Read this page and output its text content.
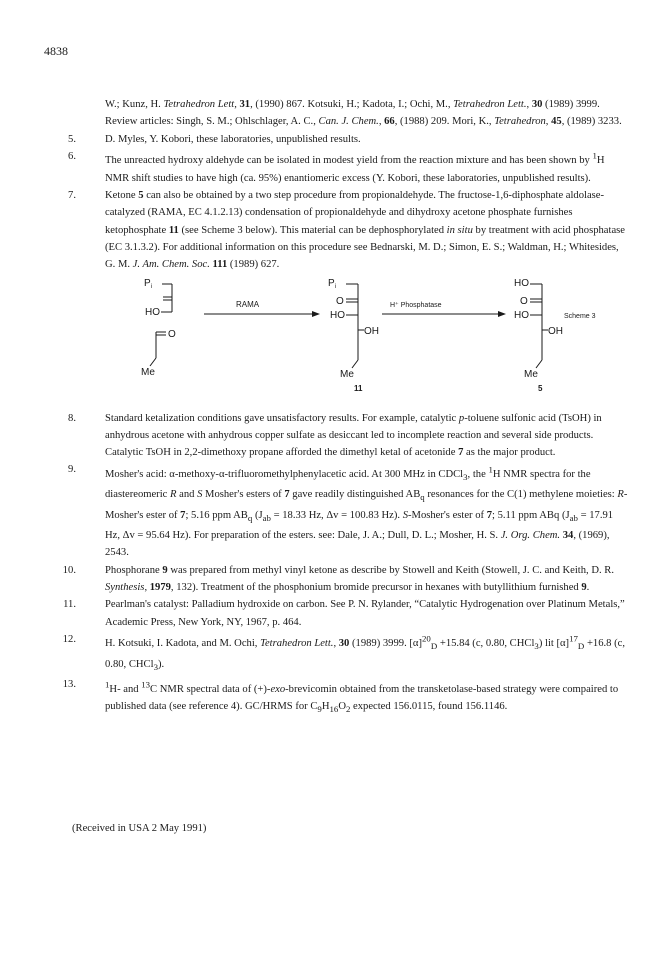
4838
W.; Kunz, H. Tetrahedron Lett, 31, (1990) 867. Kotsuki, H.; Kadota, I.; Ochi, M., Tetrahedron Lett., 30 (1989) 3999. Review articles: Singh, S. M.; Ohlschlager, A. C., Can. J. Chem., 66, (1988) 209. Mori, K., Tetrahedron, 45, (1989) 3233.
5.	D. Myles, Y. Kobori, these laboratories, unpublished results.
6.	The unreacted hydroxy aldehyde can be isolated in modest yield from the reaction mixture and has been shown by $^1$H NMR shift studies to have high (ca. 95%) enantiomeric excess (Y. Kobori, these laboratories, unpublished results).
7.	Ketone 5 can also be obtained by a two step procedure from propionaldehyde. The fructose-1,6-diphosphate aldolase-catalyzed (RAMA, EC 4.1.2.13) condensation of propionaldehyde and dihydroxy acetone phosphate furnishes ketophosphate 11 (see Scheme 3 below). This material can be dephosphorylated in situ by treatment with acid phosphatase (EC 3.1.3.2). For additional information on this procedure see Bednarski, M. D.; Simon, E. S.; Waldman, H.; Whitesides, G. M. J. Am. Chem. Soc. 111 (1989) 627.
$P_i$
HO
O
Me
RAMA
$P_i$
O
HO
OH
Me
11
H⁺ Phosphatase
HO
O
HO
OH
Me
5
Scheme 3
8.	Standard ketalization conditions gave unsatisfactory results. For example, catalytic p-toluene sulfonic acid (TsOH) in anhydrous acetone with anhydrous copper sulfate as desiccant led to incomplete reaction and several side products. Catalytic TsOH in 2,2-dimethoxy propane afforded the dimethyl ketal of acetonide 7 as the major product.
9.	Mosher's acid: α-methoxy-α-trifluoromethylphenylacetic acid. At 300 MHz in CDCl$_3$, the $^1$H NMR spectra for the diastereomeric R and S Mosher's esters of 7 gave readily distinguished $AB_q$ resonances for the C(1) methylene moieties: R-Mosher's ester of 7; 5.16 ppm $AB_q$ ($J_{ab} = 18.33$ Hz, Δv = 100.83 Hz). S-Mosher's ester of 7; 5.11 ppm ABq ($J_{ab} = 17.91$ Hz, Δv = 95.64 Hz). For preparation of the esters. see: Dale, J. A.; Dull, D. L.; Mosher, H. S. J. Org. Chem. 34, (1969), 2543.
10.	Phosphorane 9 was prepared from methyl vinyl ketone as describe by Stowell and Keith (Stowell, J. C. and Keith, D. R. Synthesis, 1979, 132). Treatment of the phosphonium bromide precursor in hexanes with butyllithium furnished 9.
11.	Pearlman's catalyst: Palladium hydroxide on carbon. See P. N. Rylander, “Catalytic Hydrogenation over Platinum Metals,” Academic Press, New York, NY, 1967, p. 464.
12.	H. Kotsuki, I. Kadota, and M. Ochi, Tetrahedron Lett., 30 (1989) 3999. $[\alpha]^{20}_D +15.84$ (c, 0.80, CHCl$_3$) lit $[\alpha]^{17}_D +16.8$ (c, 0.80, CHCl$_3$).
13.	$^1$H- and $^{13}$C NMR spectral data of (+)-exo-brevicomin obtained from the transketolase-based strategy were compaired to published data (see reference 4). GC/HRMS for $C_9H_{16}O_2$ expected 156.0115, found 156.1146.
(Received in USA 2 May 1991)
